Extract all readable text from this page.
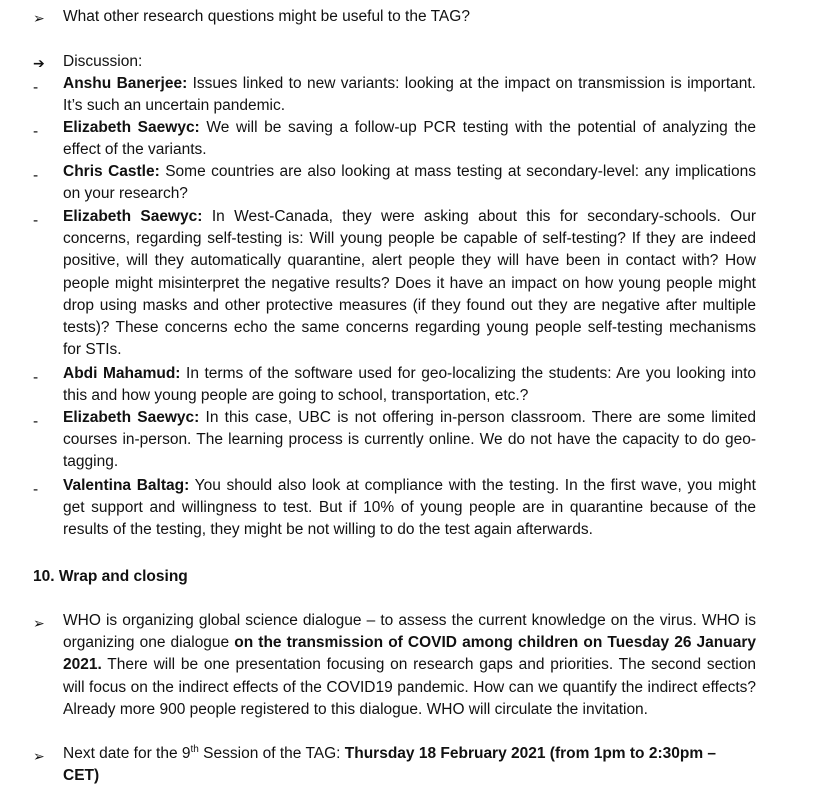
➢ What other research questions might be useful to the TAG?
➔ Discussion:
- Anshu Banerjee: Issues linked to new variants: looking at the impact on transmission is important. It’s such an uncertain pandemic.
- Elizabeth Saewyc: We will be saving a follow-up PCR testing with the potential of analyzing the effect of the variants.
- Chris Castle: Some countries are also looking at mass testing at secondary-level: any implications on your research?
- Elizabeth Saewyc: In West-Canada, they were asking about this for secondary-schools. Our concerns, regarding self-testing is: Will young people be capable of self-testing? If they are indeed positive, will they automatically quarantine, alert people they will have been in contact with? How people might misinterpret the negative results? Does it have an impact on how young people might drop using masks and other protective measures (if they found out they are negative after multiple tests)? These concerns echo the same concerns regarding young people self-testing mechanisms for STIs.
- Abdi Mahamud: In terms of the software used for geo-localizing the students: Are you looking into this and how young people are going to school, transportation, etc.?
- Elizabeth Saewyc: In this case, UBC is not offering in-person classroom. There are some limited courses in-person. The learning process is currently online. We do not have the capacity to do geo-tagging.
- Valentina Baltag: You should also look at compliance with the testing. In the first wave, you might get support and willingness to test. But if 10% of young people are in quarantine because of the results of the testing, they might be not willing to do the test again afterwards.
10. Wrap and closing
➢ WHO is organizing global science dialogue – to assess the current knowledge on the virus. WHO is organizing one dialogue on the transmission of COVID among children on Tuesday 26 January 2021. There will be one presentation focusing on research gaps and priorities. The second section will focus on the indirect effects of the COVID19 pandemic. How can we quantify the indirect effects? Already more 900 people registered to this dialogue. WHO will circulate the invitation.
➢ Next date for the 9th Session of the TAG: Thursday 18 February 2021 (from 1pm to 2:30pm – CET)
